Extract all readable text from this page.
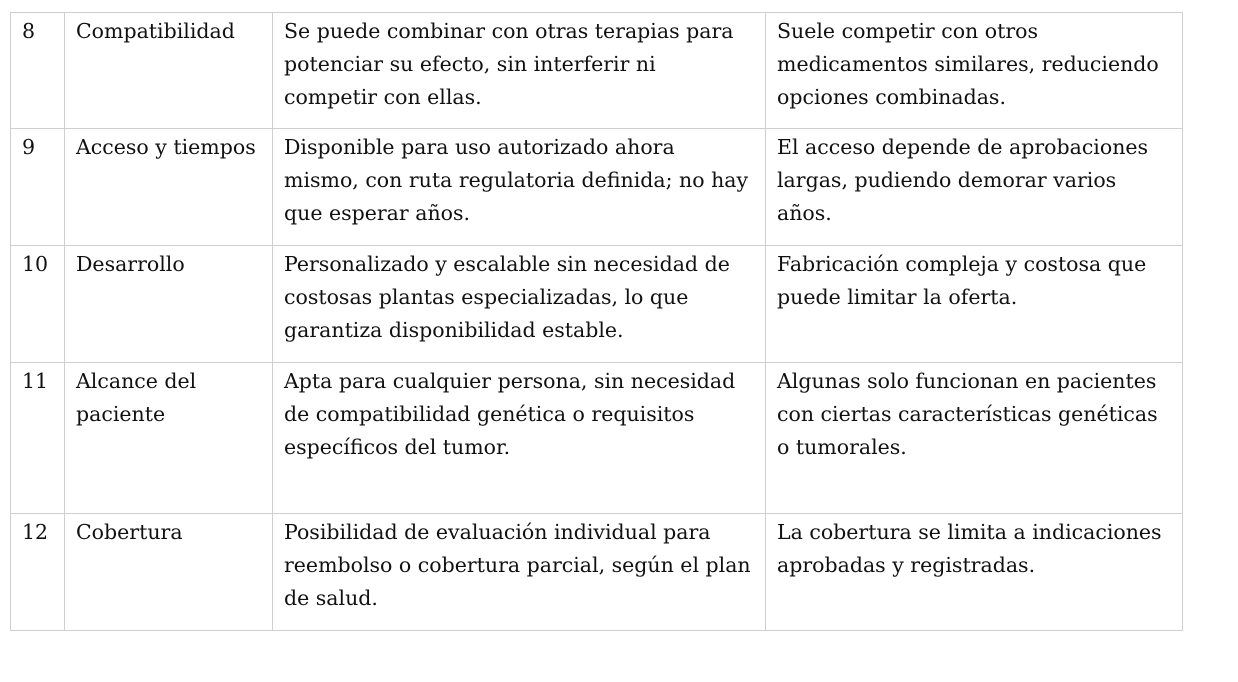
8	Compatibilidad	Se puede combinar con otras terapias para potenciar su efecto, sin interferir ni competir con ellas.	Suele competir con otros medicamentos similares, reduciendo opciones combinadas.
9	Acceso y tiempos	Disponible para uso autorizado ahora mismo, con ruta regulatoria definida; no hay que esperar años.	El acceso depende de aprobaciones largas, pudiendo demorar varios años.
10	Desarrollo	Personalizado y escalable sin necesidad de costosas plantas especializadas, lo que garantiza disponibilidad estable.	Fabricación compleja y costosa que puede limitar la oferta.
11	Alcance del paciente	Apta para cualquier persona, sin necesidad de compatibilidad genética o requisitos específicos del tumor.	Algunas solo funcionan en pacientes con ciertas características genéticas o tumorales.
12	Cobertura	Posibilidad de evaluación individual para reembolso o cobertura parcial, según el plan de salud.	La cobertura se limita a indicaciones aprobadas y registradas.
